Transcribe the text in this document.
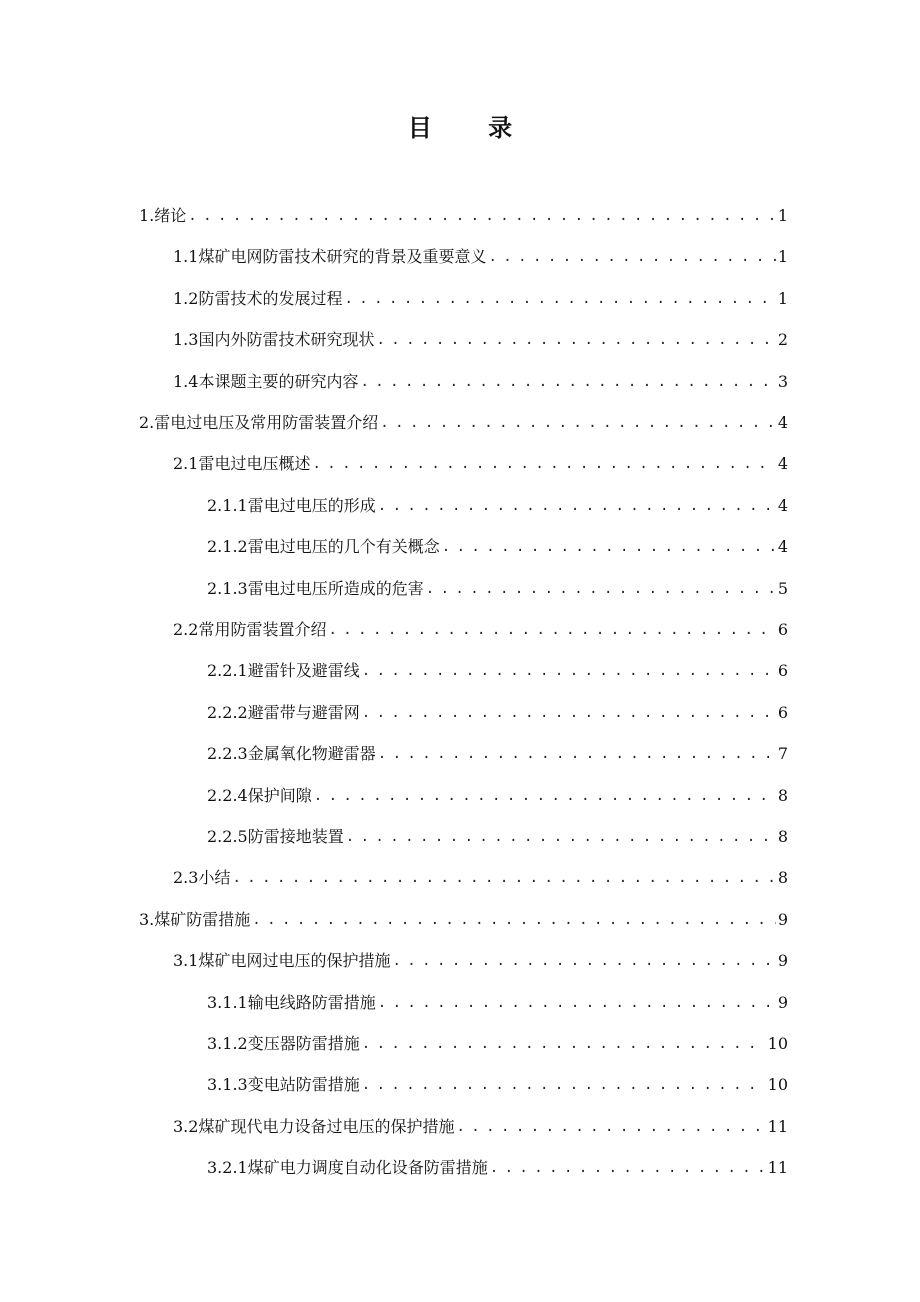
目 录
1.绪论 . . .	1
1.1煤矿电网防雷技术研究的背景及重要意义 . . .	1
1.2防雷技术的发展过程 . . .	1
1.3国内外防雷技术研究现状 . . .	2
1.4本课题主要的研究内容 . . .	3
2.雷电过电压及常用防雷装置介绍 . . .	4
2.1雷电过电压概述 . . .	4
2.1.1雷电过电压的形成 . . .	4
2.1.2雷电过电压的几个有关概念 . . .	4
2.1.3雷电过电压所造成的危害 . . .	5
2.2常用防雷装置介绍 . . .	6
2.2.1避雷针及避雷线 . . .	6
2.2.2避雷带与避雷网 . . .	6
2.2.3金属氧化物避雷器 . . .	7
2.2.4保护间隙 . . .	8
2.2.5防雷接地装置 . . .	8
2.3小结 . . .	8
3.煤矿防雷措施 . . .	9
3.1煤矿电网过电压的保护措施 . . .	9
3.1.1输电线路防雷措施 . . .	9
3.1.2变压器防雷措施 . . .	10
3.1.3变电站防雷措施 . . .	10
3.2煤矿现代电力设备过电压的保护措施 . . .	11
3.2.1煤矿电力调度自动化设备防雷措施 . . .	11
